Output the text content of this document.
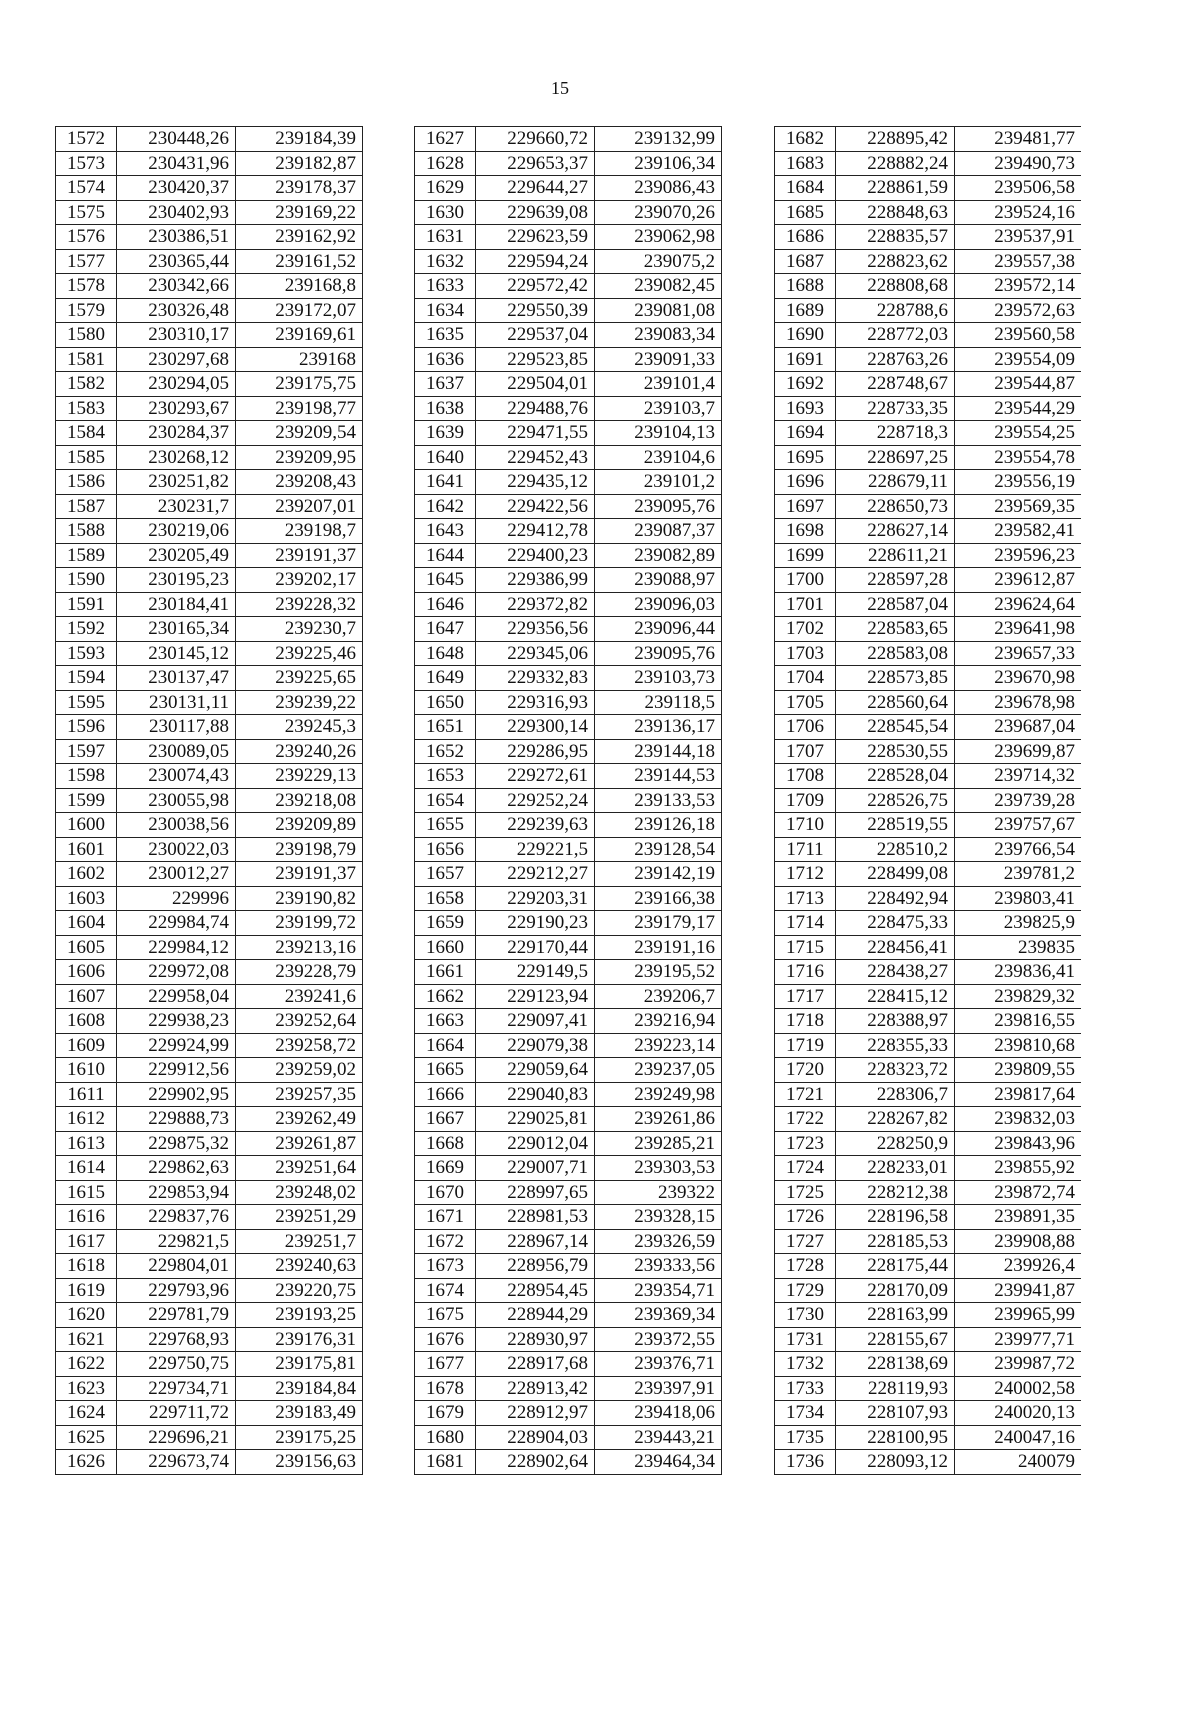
15
1572	230448,26	239184,39
1573	230431,96	239182,87
1574	230420,37	239178,37
1575	230402,93	239169,22
1576	230386,51	239162,92
1577	230365,44	239161,52
1578	230342,66	239168,8
1579	230326,48	239172,07
1580	230310,17	239169,61
1581	230297,68	239168
1582	230294,05	239175,75
1583	230293,67	239198,77
1584	230284,37	239209,54
1585	230268,12	239209,95
1586	230251,82	239208,43
1587	230231,7	239207,01
1588	230219,06	239198,7
1589	230205,49	239191,37
1590	230195,23	239202,17
1591	230184,41	239228,32
1592	230165,34	239230,7
1593	230145,12	239225,46
1594	230137,47	239225,65
1595	230131,11	239239,22
1596	230117,88	239245,3
1597	230089,05	239240,26
1598	230074,43	239229,13
1599	230055,98	239218,08
1600	230038,56	239209,89
1601	230022,03	239198,79
1602	230012,27	239191,37
1603	229996	239190,82
1604	229984,74	239199,72
1605	229984,12	239213,16
1606	229972,08	239228,79
1607	229958,04	239241,6
1608	229938,23	239252,64
1609	229924,99	239258,72
1610	229912,56	239259,02
1611	229902,95	239257,35
1612	229888,73	239262,49
1613	229875,32	239261,87
1614	229862,63	239251,64
1615	229853,94	239248,02
1616	229837,76	239251,29
1617	229821,5	239251,7
1618	229804,01	239240,63
1619	229793,96	239220,75
1620	229781,79	239193,25
1621	229768,93	239176,31
1622	229750,75	239175,81
1623	229734,71	239184,84
1624	229711,72	239183,49
1625	229696,21	239175,25
1626	229673,74	239156,63
1627	229660,72	239132,99
1628	229653,37	239106,34
1629	229644,27	239086,43
1630	229639,08	239070,26
1631	229623,59	239062,98
1632	229594,24	239075,2
1633	229572,42	239082,45
1634	229550,39	239081,08
1635	229537,04	239083,34
1636	229523,85	239091,33
1637	229504,01	239101,4
1638	229488,76	239103,7
1639	229471,55	239104,13
1640	229452,43	239104,6
1641	229435,12	239101,2
1642	229422,56	239095,76
1643	229412,78	239087,37
1644	229400,23	239082,89
1645	229386,99	239088,97
1646	229372,82	239096,03
1647	229356,56	239096,44
1648	229345,06	239095,76
1649	229332,83	239103,73
1650	229316,93	239118,5
1651	229300,14	239136,17
1652	229286,95	239144,18
1653	229272,61	239144,53
1654	229252,24	239133,53
1655	229239,63	239126,18
1656	229221,5	239128,54
1657	229212,27	239142,19
1658	229203,31	239166,38
1659	229190,23	239179,17
1660	229170,44	239191,16
1661	229149,5	239195,52
1662	229123,94	239206,7
1663	229097,41	239216,94
1664	229079,38	239223,14
1665	229059,64	239237,05
1666	229040,83	239249,98
1667	229025,81	239261,86
1668	229012,04	239285,21
1669	229007,71	239303,53
1670	228997,65	239322
1671	228981,53	239328,15
1672	228967,14	239326,59
1673	228956,79	239333,56
1674	228954,45	239354,71
1675	228944,29	239369,34
1676	228930,97	239372,55
1677	228917,68	239376,71
1678	228913,42	239397,91
1679	228912,97	239418,06
1680	228904,03	239443,21
1681	228902,64	239464,34
1682	228895,42	239481,77
1683	228882,24	239490,73
1684	228861,59	239506,58
1685	228848,63	239524,16
1686	228835,57	239537,91
1687	228823,62	239557,38
1688	228808,68	239572,14
1689	228788,6	239572,63
1690	228772,03	239560,58
1691	228763,26	239554,09
1692	228748,67	239544,87
1693	228733,35	239544,29
1694	228718,3	239554,25
1695	228697,25	239554,78
1696	228679,11	239556,19
1697	228650,73	239569,35
1698	228627,14	239582,41
1699	228611,21	239596,23
1700	228597,28	239612,87
1701	228587,04	239624,64
1702	228583,65	239641,98
1703	228583,08	239657,33
1704	228573,85	239670,98
1705	228560,64	239678,98
1706	228545,54	239687,04
1707	228530,55	239699,87
1708	228528,04	239714,32
1709	228526,75	239739,28
1710	228519,55	239757,67
1711	228510,2	239766,54
1712	228499,08	239781,2
1713	228492,94	239803,41
1714	228475,33	239825,9
1715	228456,41	239835
1716	228438,27	239836,41
1717	228415,12	239829,32
1718	228388,97	239816,55
1719	228355,33	239810,68
1720	228323,72	239809,55
1721	228306,7	239817,64
1722	228267,82	239832,03
1723	228250,9	239843,96
1724	228233,01	239855,92
1725	228212,38	239872,74
1726	228196,58	239891,35
1727	228185,53	239908,88
1728	228175,44	239926,4
1729	228170,09	239941,87
1730	228163,99	239965,99
1731	228155,67	239977,71
1732	228138,69	239987,72
1733	228119,93	240002,58
1734	228107,93	240020,13
1735	228100,95	240047,16
1736	228093,12	240079
